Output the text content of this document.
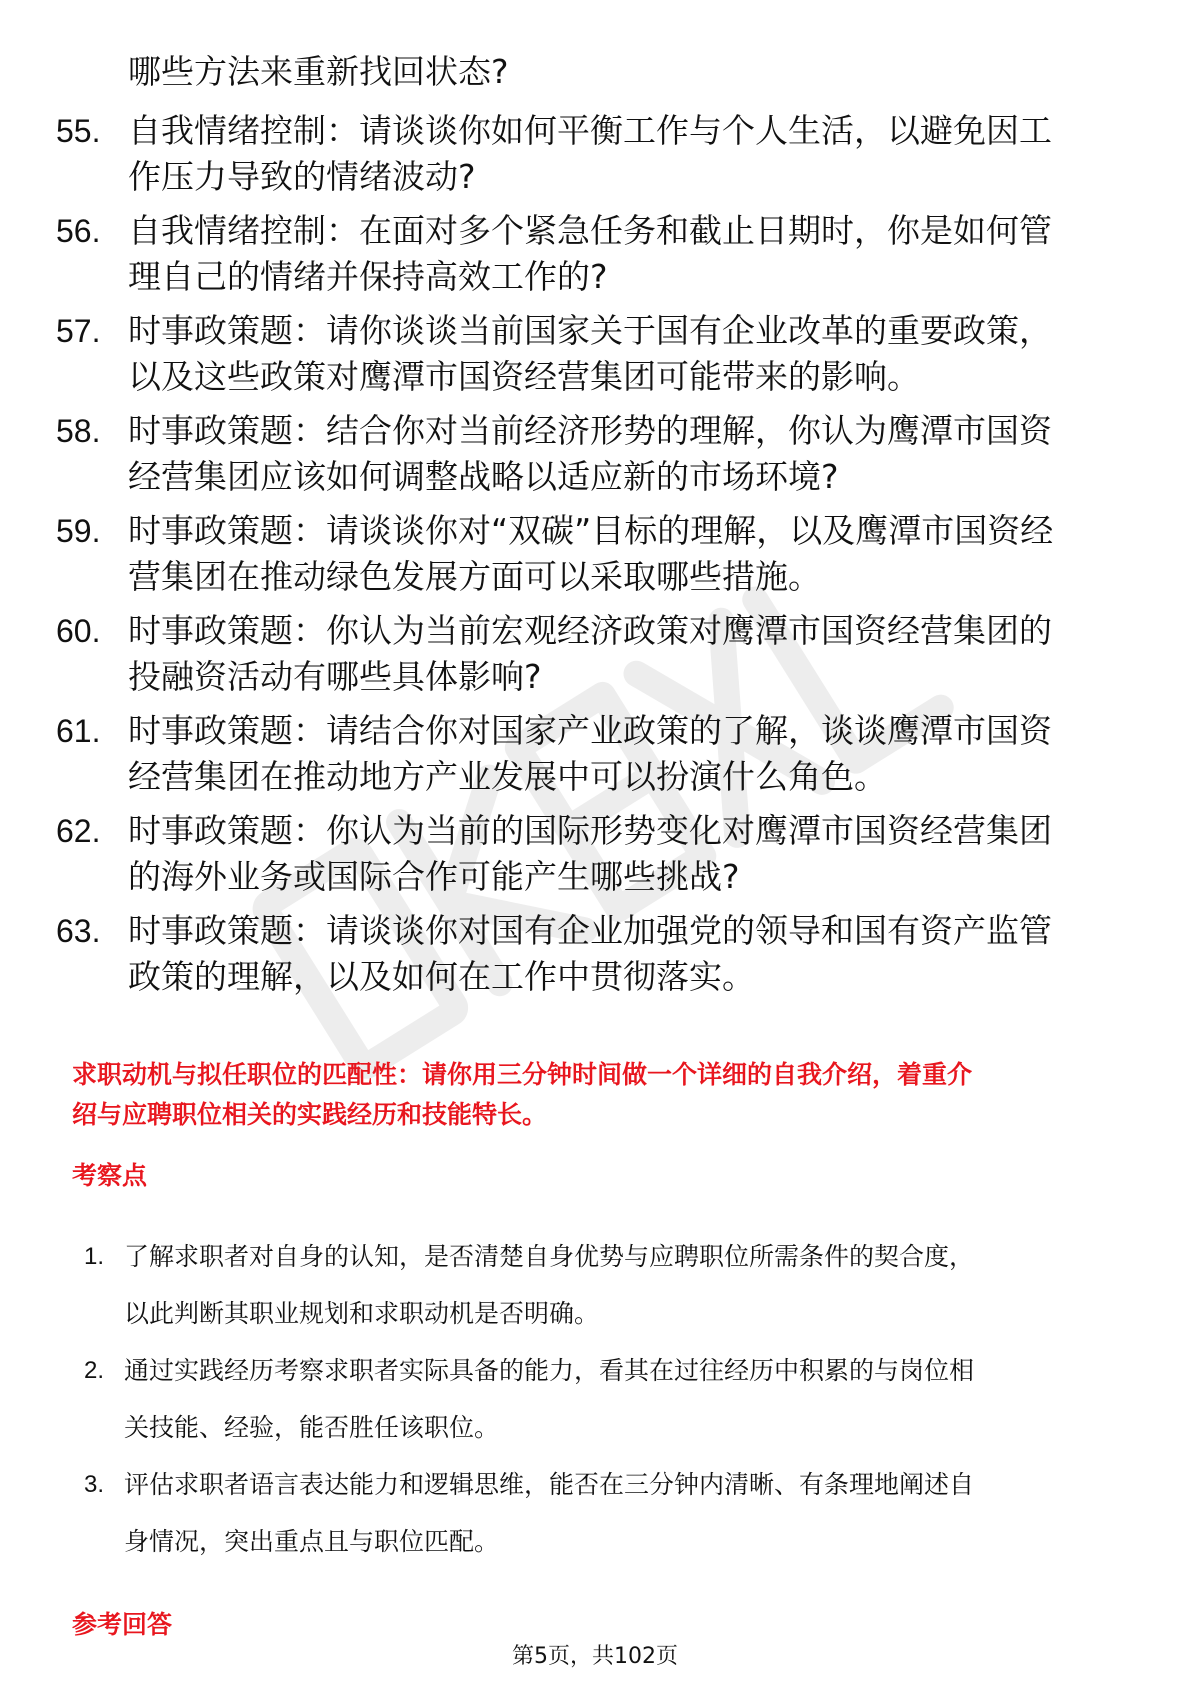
哪些方法来重新找回状态?
55. 自我情绪控制：请谈谈你如何平衡工作与个人生活，以避免因工
作压力导致的情绪波动?
56. 自我情绪控制：在面对多个紧急任务和截止日期时，你是如何管
理自己的情绪并保持高效工作的?
57. 时事政策题：请你谈谈当前国家关于国有企业改革的重要政策，
以及这些政策对鹰潭市国资经营集团可能带来的影响。
58. 时事政策题：结合你对当前经济形势的理解，你认为鹰潭市国资
经营集团应该如何调整战略以适应新的市场环境?
59. 时事政策题：请谈谈你对“双碳”目标的理解，以及鹰潭市国资经
营集团在推动绿色发展方面可以采取哪些措施。
60. 时事政策题：你认为当前宏观经济政策对鹰潭市国资经营集团的
投融资活动有哪些具体影响?
61. 时事政策题：请结合你对国家产业政策的了解，谈谈鹰潭市国资
经营集团在推动地方产业发展中可以扮演什么角色。
62. 时事政策题：你认为当前的国际形势变化对鹰潭市国资经营集团
的海外业务或国际合作可能产生哪些挑战?
63. 时事政策题：请谈谈你对国有企业加强党的领导和国有资产监管
政策的理解，以及如何在工作中贯彻落实。
求职动机与拟任职位的匹配性：请你用三分钟时间做一个详细的自我介绍，着重介
绍与应聘职位相关的实践经历和技能特长。
考察点
1. 了解求职者对自身的认知，是否清楚自身优势与应聘职位所需条件的契合度，
以此判断其职业规划和求职动机是否明确。
2. 通过实践经历考察求职者实际具备的能力，看其在过往经历中积累的与岗位相
关技能、经验，能否胜任该职位。
3. 评估求职者语言表达能力和逻辑思维，能否在三分钟内清晰、有条理地阐述自
身情况，突出重点且与职位匹配。
参考回答
第5页，共102页
